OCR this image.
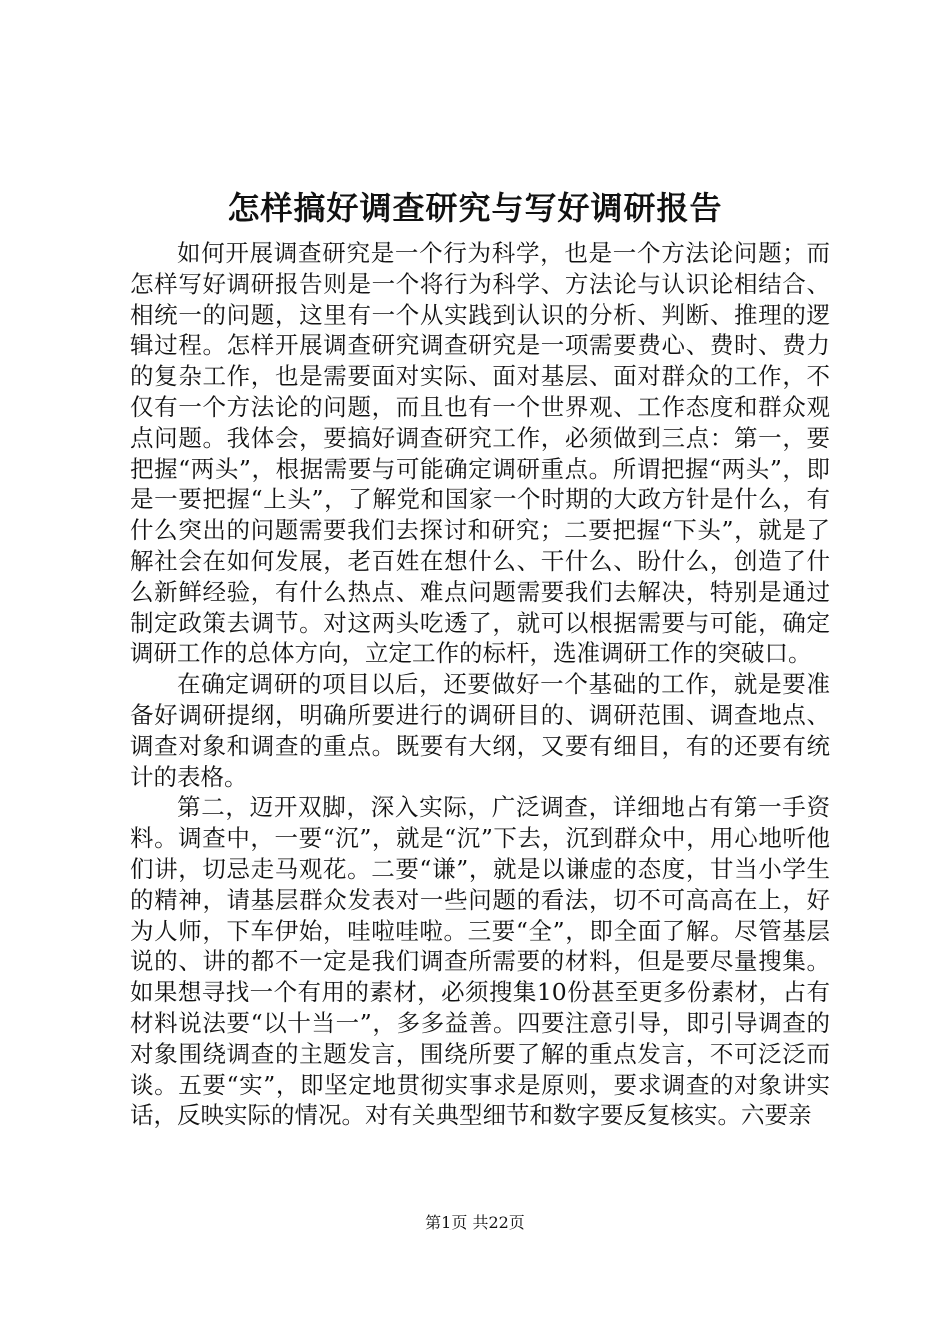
怎样搞好调查研究与写好调研报告

如何开展调查研究是一个行为科学，也是一个方法论问题；而怎样写好调研报告则是一个将行为科学、方法论与认识论相结合、相统一的问题，这里有一个从实践到认识的分析、判断、推理的逻辑过程。怎样开展调查研究调查研究是一项需要费心、费时、费力的复杂工作，也是需要面对实际、面对基层、面对群众的工作，不仅有一个方法论的问题，而且也有一个世界观、工作态度和群众观点问题。我体会，要搞好调查研究工作，必须做到三点：第一，要把握“两头”，根据需要与可能确定调研重点。所谓把握“两头”，即是一要把握“上头”，了解党和国家一个时期的大政方针是什么，有什么突出的问题需要我们去探讨和研究；二要把握“下头”，就是了解社会在如何发展，老百姓在想什么、干什么、盼什么，创造了什么新鲜经验，有什么热点、难点问题需要我们去解决，特别是通过制定政策去调节。对这两头吃透了，就可以根据需要与可能，确定调研工作的总体方向，立定工作的标杆，选准调研工作的突破口。

在确定调研的项目以后，还要做好一个基础的工作，就是要准备好调研提纲，明确所要进行的调研目的、调研范围、调查地点、调查对象和调查的重点。既要有大纲，又要有细目，有的还要有统计的表格。

第二，迈开双脚，深入实际，广泛调查，详细地占有第一手资料。调查中，一要“沉”，就是“沉”下去，沉到群众中，用心地听他们讲，切忌走马观花。二要“谦”，就是以谦虚的态度，甘当小学生的精神，请基层群众发表对一些问题的看法，切不可高高在上，好为人师，下车伊始，哇啦哇啦。三要“全”，即全面了解。尽管基层说的、讲的都不一定是我们调查所需要的材料，但是要尽量搜集。如果想寻找一个有用的素材，必须搜集10份甚至更多份素材，占有材料说法要“以十当一”，多多益善。四要注意引导，即引导调查的对象围绕调查的主题发言，围绕所要了解的重点发言，不可泛泛而谈。五要“实”，即坚定地贯彻实事求是原则，要求调查的对象讲实话，反映实际的情况。对有关典型细节和数字要反复核实。六要亲

第1页 共22页
